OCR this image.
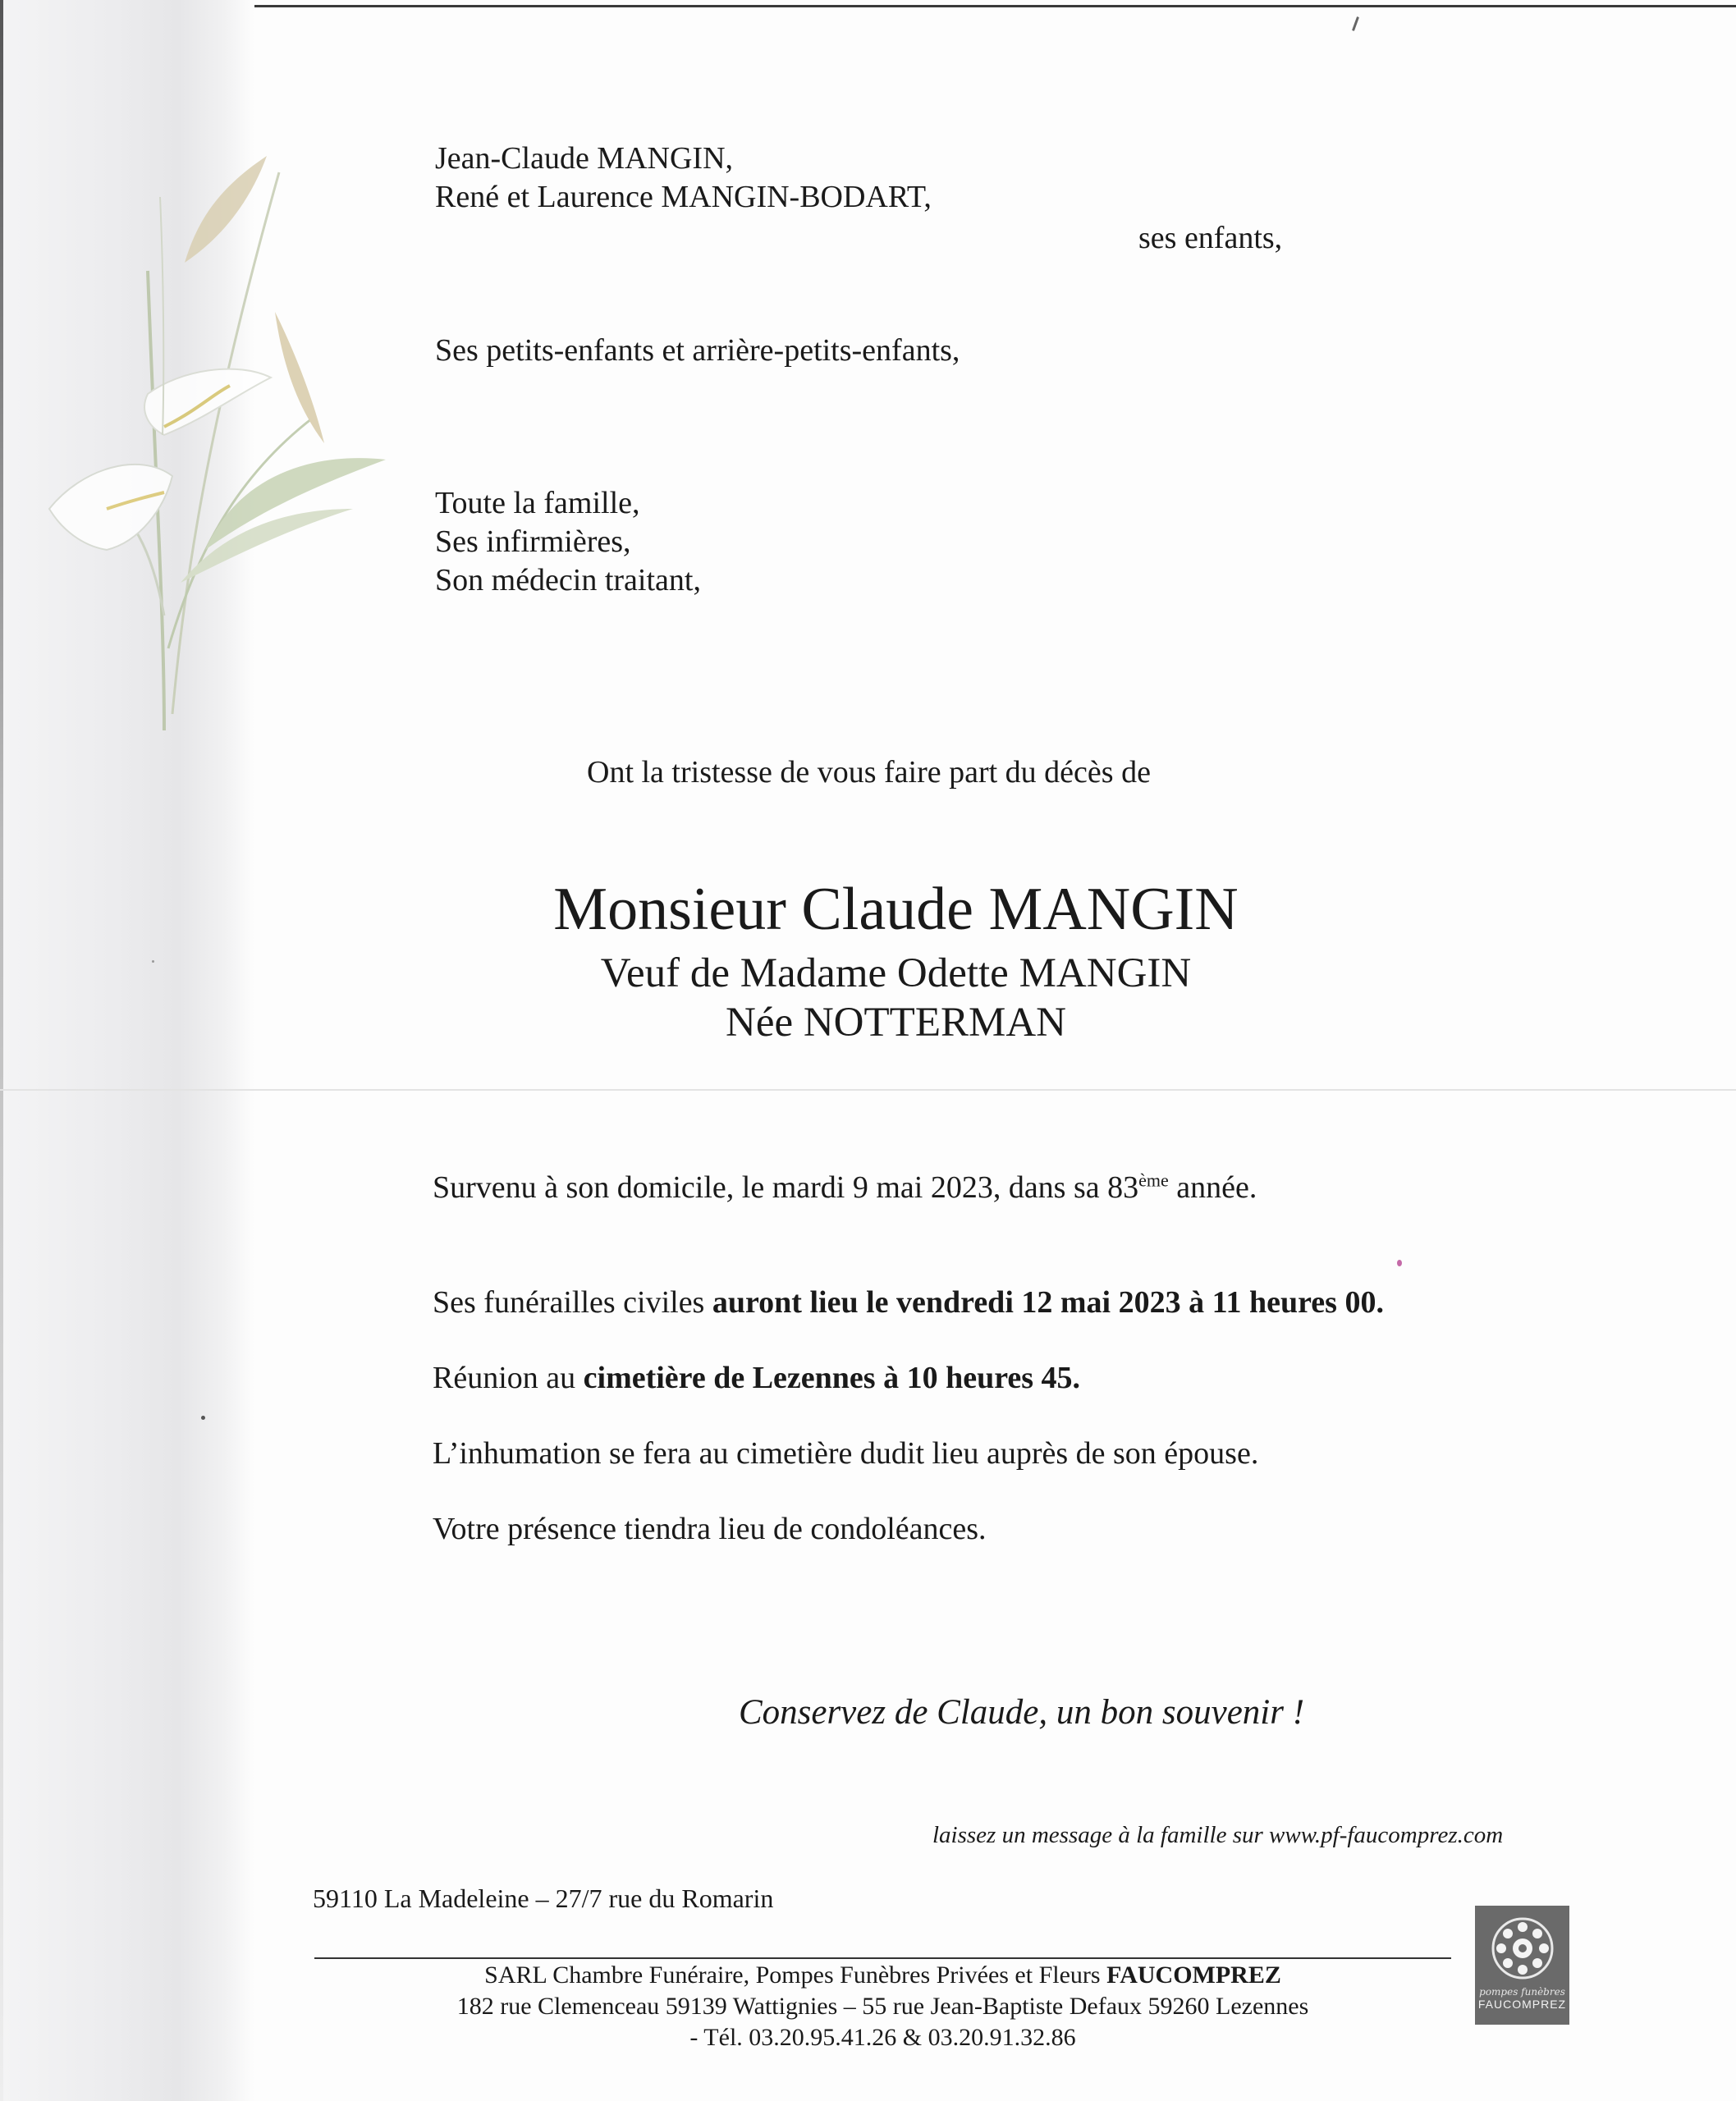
Jean-Claude MANGIN,
René et Laurence MANGIN-BODART,
ses enfants,
Ses petits-enfants et arrière-petits-enfants,
Toute la famille,
Ses infirmières,
Son médecin traitant,
Ont la tristesse de vous faire part du décès de
Monsieur Claude MANGIN
Veuf de Madame Odette MANGIN
Née NOTTERMAN
Survenu à son domicile, le mardi 9 mai 2023, dans sa 83ème année.
Ses funérailles civiles auront lieu le vendredi 12 mai 2023 à 11 heures 00.
Réunion au cimetière de Lezennes à 10 heures 45.
L’inhumation se fera au cimetière dudit lieu auprès de son épouse.
Votre présence tiendra lieu de condoléances.
Conservez de Claude, un bon souvenir !
laissez un message à la famille sur www.pf-faucomprez.com
59110 La Madeleine – 27/7 rue du Romarin
SARL Chambre Funéraire, Pompes Funèbres Privées et Fleurs FAUCOMPREZ
182 rue Clemenceau 59139 Wattignies – 55 rue Jean-Baptiste Defaux 59260 Lezennes
- Tél. 03.20.95.41.26 & 03.20.91.32.86
pompes funèbres
FAUCOMPREZ
